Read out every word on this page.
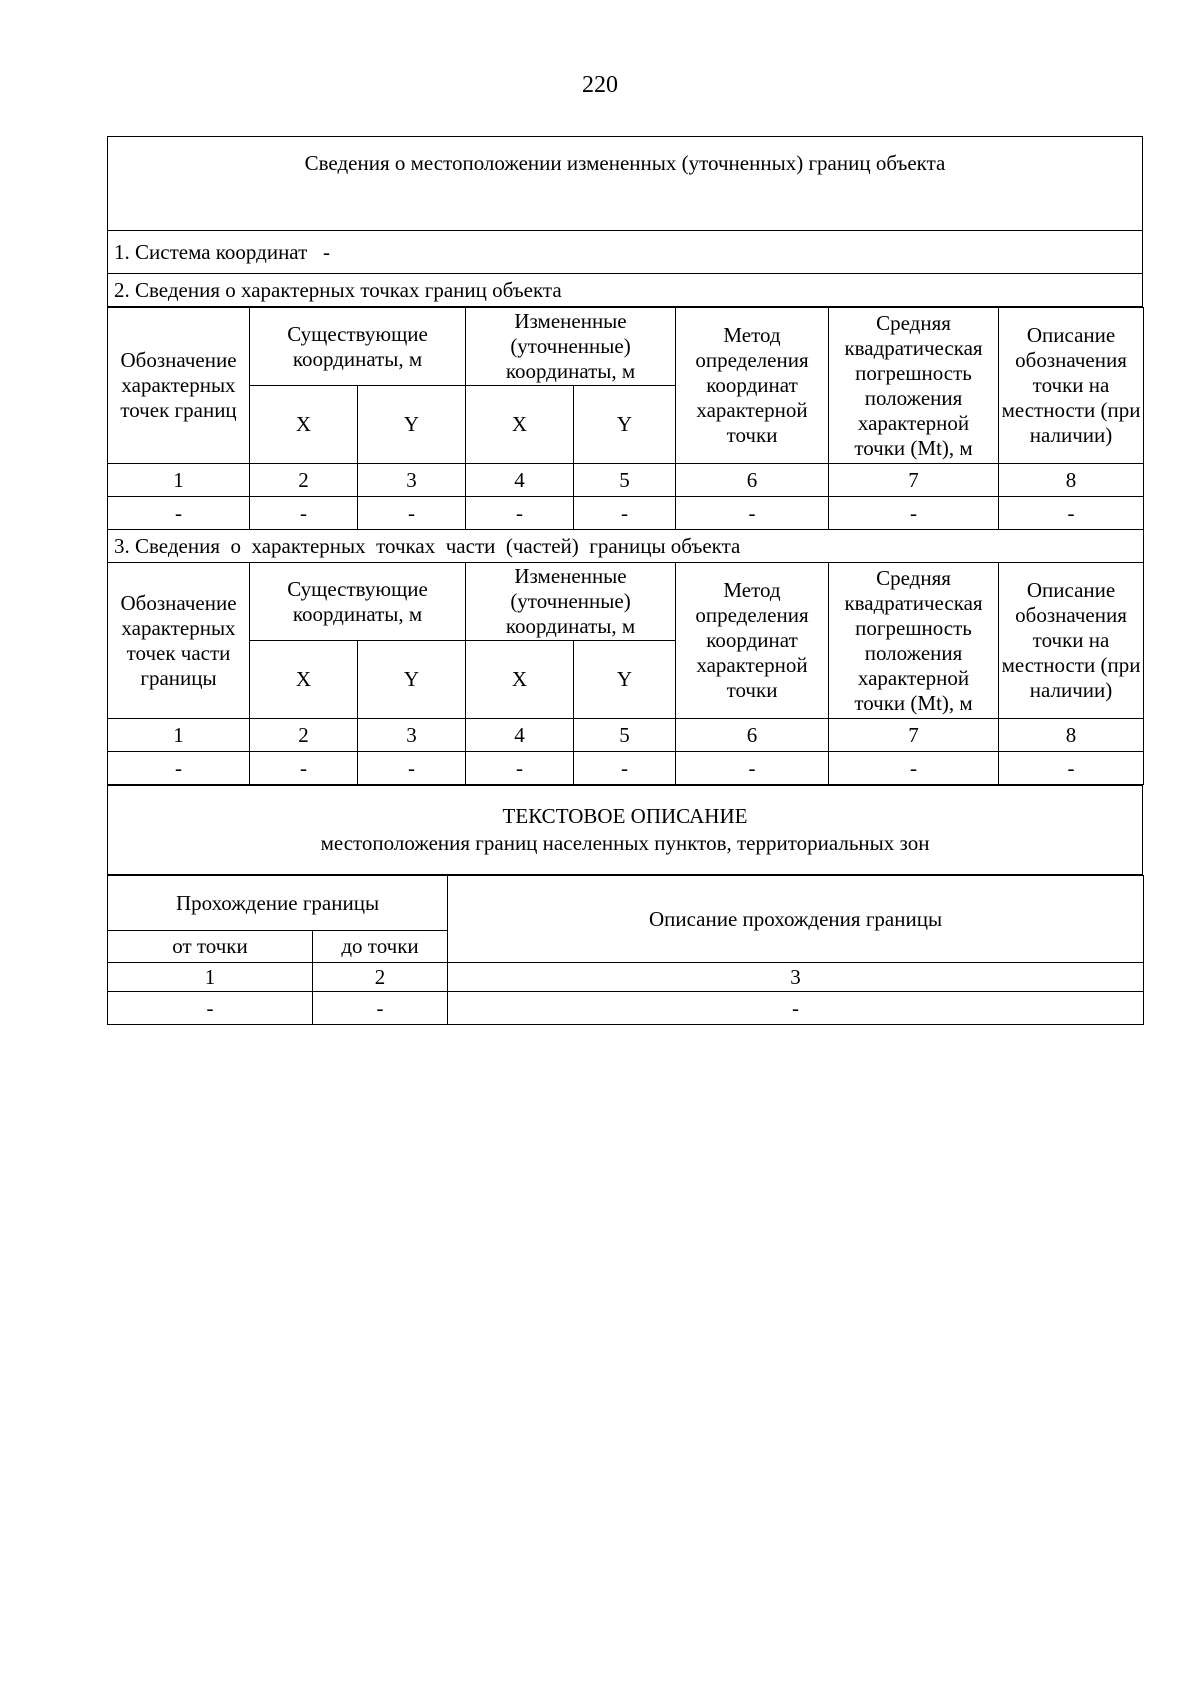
220
Сведения о местоположении измененных (уточненных) границ объекта
1. Система координат   -
2. Сведения о характерных точках границ объекта
Обозначение характерных точек границ	Существующие координаты, м		Измененные (уточненные) координаты, м		Метод определения координат характерной точки	Средняя квадратическая погрешность положения характерной точки (Mt), м	Описание обозначения точки на местности (при наличии)
	X	Y	X	Y			
1	2	3	4	5	6	7	8
-	-	-	-	-	-	-	-
3. Сведения  о  характерных  точках  части  (частей)  границы объекта							
Обозначение характерных точек части границы	Существующие координаты, м		Измененные (уточненные) координаты, м		Метод определения координат характерной точки	Средняя квадратическая погрешность положения характерной точки (Mt), м	Описание обозначения точки на местности (при наличии)
	X	Y	X	Y			
1	2	3	4	5	6	7	8
-	-	-	-	-	-	-	-
ТЕКСТОВОЕ ОПИСАНИЕ
местоположения границ населенных пунктов, территориальных зон
Прохождение границы		Описание прохождения границы
от точки	до точки	
1	2	3
-	-	-
